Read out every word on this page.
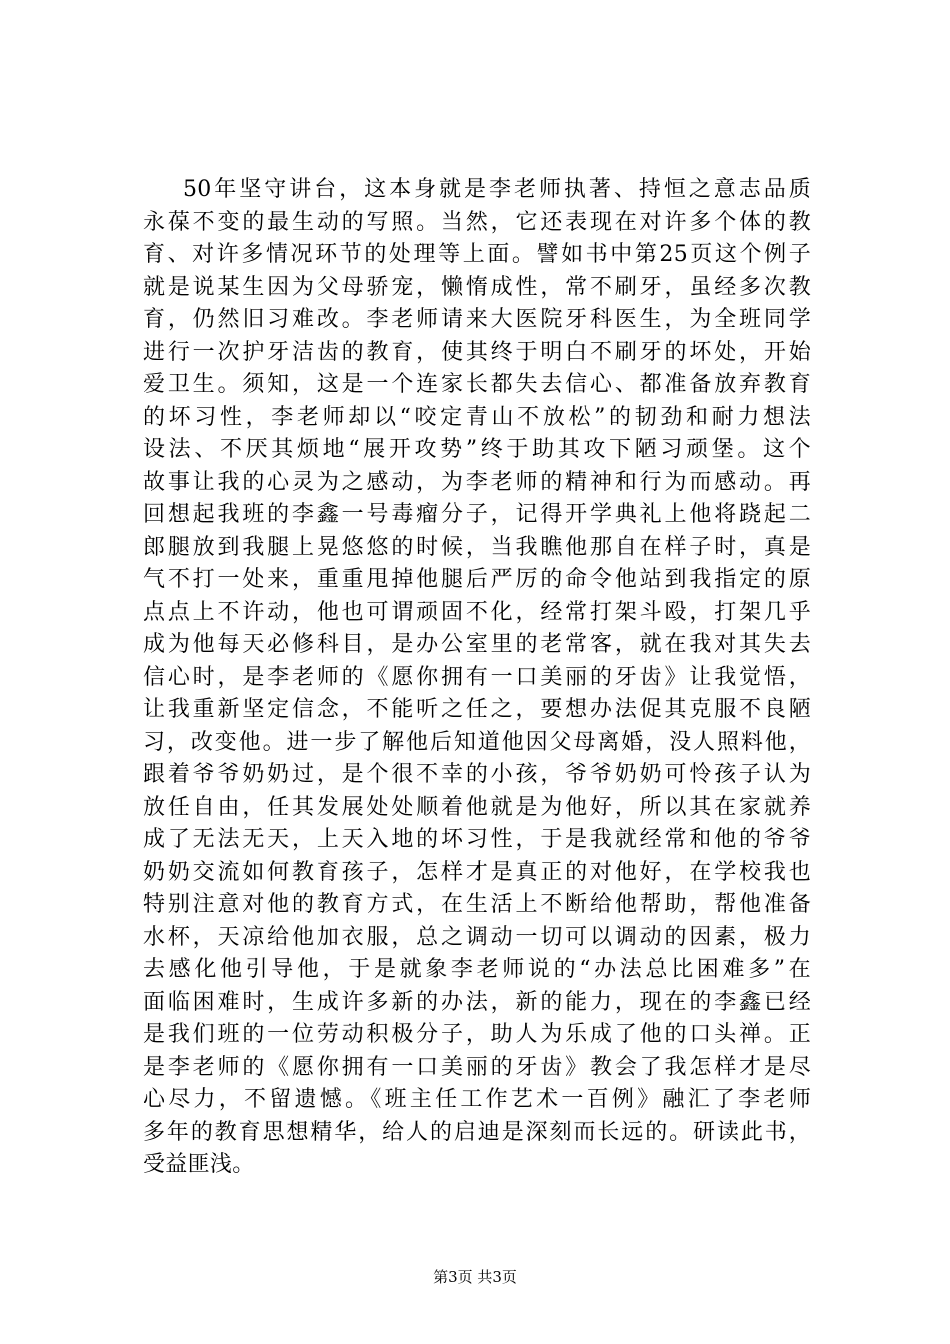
50年坚守讲台，这本身就是李老师执著、持恒之意志品质
永葆不变的最生动的写照。当然，它还表现在对许多个体的教
育、对许多情况环节的处理等上面。譬如书中第25页这个例子
就是说某生因为父母骄宠，懒惰成性，常不刷牙，虽经多次教
育，仍然旧习难改。李老师请来大医院牙科医生，为全班同学
进行一次护牙洁齿的教育，使其终于明白不刷牙的坏处，开始
爱卫生。须知，这是一个连家长都失去信心、都准备放弃教育
的坏习性，李老师却以“咬定青山不放松”的韧劲和耐力想法
设法、不厌其烦地“展开攻势”终于助其攻下陋习顽堡。这个
故事让我的心灵为之感动，为李老师的精神和行为而感动。再
回想起我班的李鑫一号毒瘤分子，记得开学典礼上他将跷起二
郎腿放到我腿上晃悠悠的时候，当我瞧他那自在样子时，真是
气不打一处来，重重甩掉他腿后严厉的命令他站到我指定的原
点点上不许动，他也可谓顽固不化，经常打架斗殴，打架几乎
成为他每天必修科目，是办公室里的老常客，就在我对其失去
信心时，是李老师的《愿你拥有一口美丽的牙齿》让我觉悟，
让我重新坚定信念，不能听之任之，要想办法促其克服不良陋
习，改变他。进一步了解他后知道他因父母离婚，没人照料他，
跟着爷爷奶奶过，是个很不幸的小孩，爷爷奶奶可怜孩子认为
放任自由，任其发展处处顺着他就是为他好，所以其在家就养
成了无法无天，上天入地的坏习性，于是我就经常和他的爷爷
奶奶交流如何教育孩子，怎样才是真正的对他好，在学校我也
特别注意对他的教育方式，在生活上不断给他帮助，帮他准备
水杯，天凉给他加衣服，总之调动一切可以调动的因素，极力
去感化他引导他，于是就象李老师说的“办法总比困难多”在
面临困难时，生成许多新的办法，新的能力，现在的李鑫已经
是我们班的一位劳动积极分子，助人为乐成了他的口头禅。正
是李老师的《愿你拥有一口美丽的牙齿》教会了我怎样才是尽
心尽力，不留遗憾。《班主任工作艺术一百例》融汇了李老师
多年的教育思想精华，给人的启迪是深刻而长远的。研读此书，
受益匪浅。
第3页 共3页
